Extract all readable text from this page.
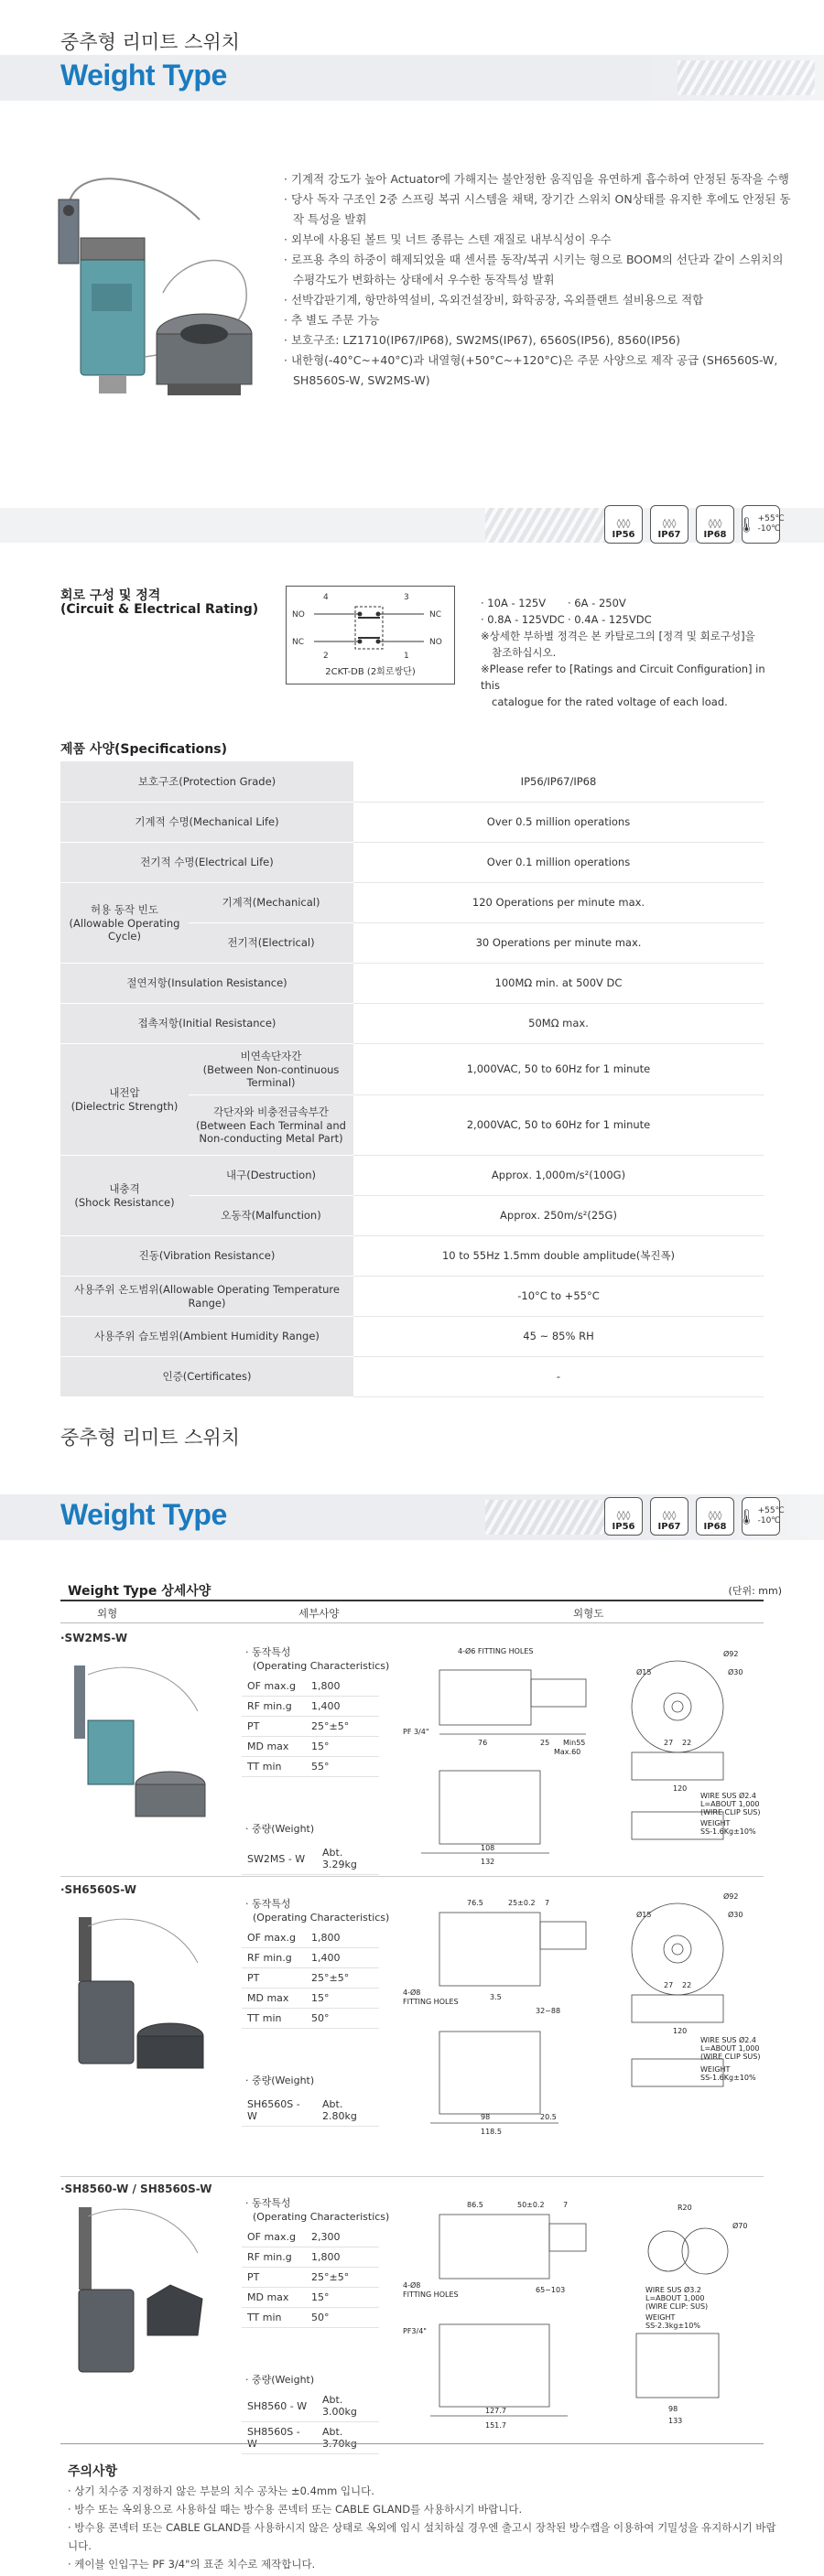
중추형 리미트 스위치
Weight Type
· 기계적 강도가 높아 Actuator에 가해지는 불안정한 움직임을 유연하게 흡수하여 안정된 동작을 수행
· 당사 독자 구조인 2중 스프링 복귀 시스템을 채택, 장기간 스위치 ON상태를 유지한 후에도 안정된 동작 특성을 발휘
· 외부에 사용된 볼트 및 너트 종류는 스텐 재질로 내부식성이 우수
· 로프용 추의 하중이 해제되었을 때 센서를 동작/복귀 시키는 형으로 BOOM의 선단과 같이 스위치의 수평각도가 변화하는 상태에서 우수한 동작특성 발휘
· 선박갑판기계, 항만하역설비, 옥외건설장비, 화학공장, 옥외플랜트 설비용으로 적합
· 추 별도 주문 가능
· 보호구조: LZ1710(IP67/IP68), SW2MS(IP67), 6560S(IP56), 8560(IP56)
· 내한형(-40°C~+40°C)과 내열형(+50°C~+120°C)은 주문 사양으로 제작 공급 (SH6560S-W, SH8560S-W, SW2MS-W)
◊◊◊
IP56
◊◊◊
IP67
◊◊◊
IP68
🌡 +55℃
-10℃
회로 구성 및 정격
(Circuit & Electrical Rating)
4	3
NO	NC
NC	NO
2	1
2CKT-DB (2회로쌍단)
· 10A - 125V · 6A - 250V
· 0.8A - 125VDC · 0.4A - 125VDC
※상세한 부하별 정격은 본 카탈로그의 [정격 및 회로구성]을
참조하십시오.
※Please refer to [Ratings and Circuit Configuration] in this
catalogue for the rated voltage of each load.
제품 사양(Specifications)
보호구조(Protection Grade)		IP56/IP67/IP68
기계적 수명(Mechanical Life)		Over 0.5 million operations
전기적 수명(Electrical Life)		Over 0.1 million operations
허용 동작 빈도
(Allowable Operating Cycle)	기계적(Mechanical)	120 Operations per minute max.
	전기적(Electrical)	30 Operations per minute max.
절연저항(Insulation Resistance)		100MΩ min. at 500V DC
접촉저항(Initial Resistance)		50MΩ max.
내전압
(Dielectric Strength)	비연속단자간
(Between Non-continuous Terminal)	1,000VAC, 50 to 60Hz for 1 minute
	각단자와 비충전금속부간
(Between Each Terminal and
Non-conducting Metal Part)	2,000VAC, 50 to 60Hz for 1 minute
내충격
(Shock Resistance)	내구(Destruction)	Approx. 1,000m/s²(100G)
	오동작(Malfunction)	Approx. 250m/s²(25G)
진동(Vibration Resistance)		10 to 55Hz 1.5mm double amplitude(복진폭)
사용주위 온도범위(Allowable Operating Temperature Range)		-10°C to +55°C
사용주위 습도범위(Ambient Humidity Range)		45 ~ 85% RH
인증(Certificates)		-
중추형 리미트 스위치
Weight Type	◊◊◊
IP56
◊◊◊
IP67
◊◊◊
IP68
🌡 +55℃
-10℃
Weight Type 상세사양	(단위: mm)
외형	세부사양	외형도
·SW2MS-W
· 동작특성
(Operating Characteristics)
OF max.g	1,800
RF min.g	1,400
PT	25°±5°
MD max	15°
TT min	55°
· 중량(Weight)
SW2MS - W	Abt. 3.29kg
4-Ø6 FITTING HOLES
PF 3/4"
76	25 Min55
Max.60
108
132
Ø92
Ø15	Ø30
27 22
120
WIRE SUS Ø2.4
L=ABOUT 1,000
(WIRE CLIP SUS)
WEIGHT
SS-1.6Kg±10%
·SH6560S-W
· 동작특성
(Operating Characteristics)
OF max.g	1,800
RF min.g	1,400
PT	25°±5°
MD max	15°
TT min	50°
· 중량(Weight)
SH6560S - W	Abt. 2.80kg
76.5	25±0.2 7
4-Ø8
FITTING HOLES
3.5
32~88
98
118.5
20.5
Ø92
Ø15	Ø30
27 22
120
WIRE SUS Ø2.4
L=ABOUT 1,000
(WIRE CLIP SUS)
WEIGHT
SS-1.6Kg±10%
·SH8560-W / SH8560S-W
· 동작특성
(Operating Characteristics)
OF max.g	2,300
RF min.g	1,800
PT	25°±5°
MD max	15°
TT min	50°
· 중량(Weight)
SH8560 - W	Abt. 3.00kg
SH8560S - W	Abt. 3.70kg
86.5	50±0.2	7
4-Ø8
FITTING HOLES
65~103
PF3/4"
127.7
151.7
R20
Ø70
WIRE SUS Ø3.2
L=ABOUT 1,000
(WIRE CLIP: SUS)
WEIGHT
SS-2.3kg±10%
98
133
주의사항
· 상기 치수중 지정하지 않은 부분의 치수 공차는 ±0.4mm 입니다.
· 방수 또는 옥외용으로 사용하실 때는 방수용 콘넥터 또는 CABLE GLAND를 사용하시기 바랍니다.
· 방수용 콘넥터 또는 CABLE GLAND를 사용하시지 않은 상태로 옥외에 임시 설치하실 경우엔 출고시 장착된 방수캡을 이용하여 기밀성을 유지하시기 바랍니다.
· 케이블 인입구는 PF 3/4"의 표준 치수로 제작합니다.
